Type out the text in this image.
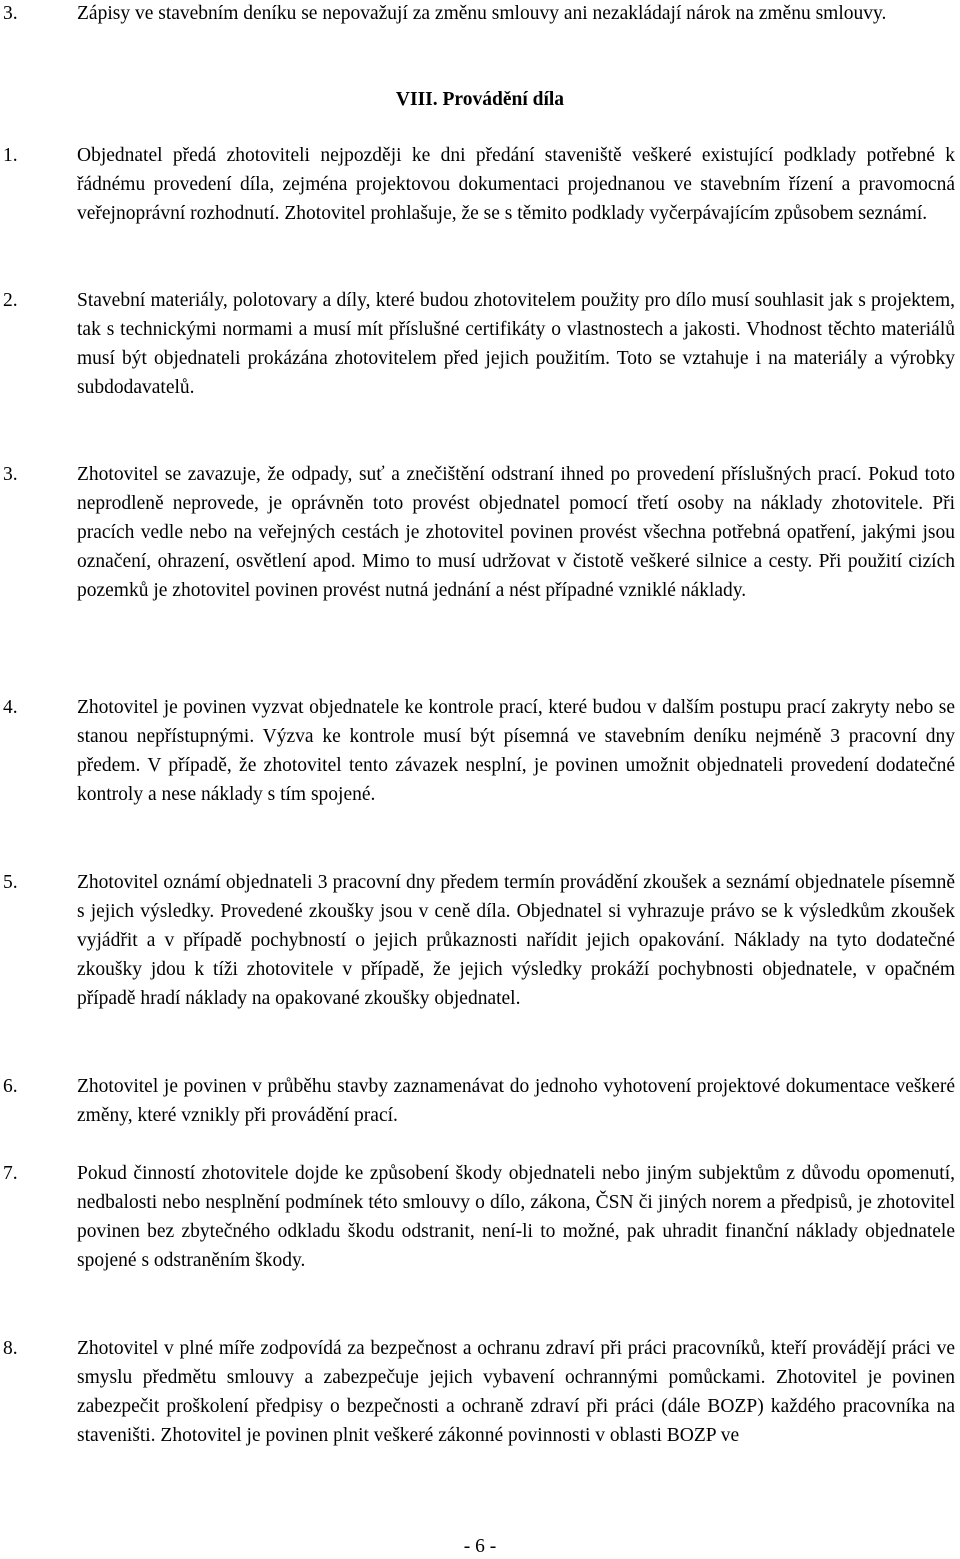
3.	Zápisy ve stavebním deníku se nepovažují za změnu smlouvy ani nezakládají nárok na změnu smlouvy.
VIII. Provádění díla
1.	Objednatel předá zhotoviteli nejpozději ke dni předání staveniště veškeré existující podklady potřebné k řádnému provedení díla, zejména projektovou dokumentaci projednanou ve stavebním řízení a pravomocná veřejnoprávní rozhodnutí. Zhotovitel prohlašuje, že se s těmito podklady vyčerpávajícím způsobem seznámí.
2.	Stavební materiály, polotovary a díly, které budou zhotovitelem použity pro dílo musí souhlasit jak s projektem, tak s technickými normami a musí mít příslušné certifikáty o vlastnostech a jakosti. Vhodnost těchto materiálů musí být objednateli prokázána zhotovitelem před jejich použitím. Toto se vztahuje i na materiály a výrobky subdodavatelů.
3.	Zhotovitel se zavazuje, že odpady, suť a znečištění odstraní ihned po provedení příslušných prací. Pokud toto neprodleně neprovede, je oprávněn toto provést objednatel pomocí třetí osoby na náklady zhotovitele. Při pracích vedle nebo na veřejných cestách je zhotovitel povinen provést všechna potřebná opatření, jakými jsou označení, ohrazení, osvětlení apod. Mimo to musí udržovat v čistotě veškeré silnice a cesty. Při použití cizích pozemků je zhotovitel povinen provést nutná jednání a nést případné vzniklé náklady.
4.	Zhotovitel je povinen vyzvat objednatele ke kontrole prací, které budou v dalším postupu prací zakryty nebo se stanou nepřístupnými. Výzva ke kontrole musí být písemná ve stavebním deníku nejméně 3 pracovní dny předem. V případě, že zhotovitel tento závazek nesplní, je povinen umožnit objednateli provedení dodatečné kontroly a nese náklady s tím spojené.
5.	Zhotovitel oznámí objednateli 3 pracovní dny předem termín provádění zkoušek a seznámí objednatele písemně s jejich výsledky. Provedené zkoušky jsou v ceně díla. Objednatel si vyhrazuje právo se k výsledkům zkoušek vyjádřit a v případě pochybností o jejich průkaznosti nařídit jejich opakování. Náklady na tyto dodatečné zkoušky jdou k tíži zhotovitele v případě, že jejich výsledky prokáží pochybnosti objednatele, v opačném případě hradí náklady na opakované zkoušky objednatel.
6.	Zhotovitel je povinen v průběhu stavby zaznamenávat do jednoho vyhotovení projektové dokumentace veškeré změny, které vznikly při provádění prací.
7.	Pokud činností zhotovitele dojde ke způsobení škody objednateli nebo jiným subjektům z důvodu opomenutí, nedbalosti nebo nesplnění podmínek této smlouvy o dílo, zákona, ČSN či jiných norem a předpisů, je zhotovitel povinen bez zbytečného odkladu škodu odstranit, není-li to možné, pak uhradit finanční náklady objednatele spojené s odstraněním škody.
8.	Zhotovitel v plné míře zodpovídá za bezpečnost a ochranu zdraví při práci pracovníků, kteří provádějí práci ve smyslu předmětu smlouvy a zabezpečuje jejich vybavení ochrannými pomůckami. Zhotovitel je povinen zabezpečit proškolení předpisy o bezpečnosti a ochraně zdraví při práci (dále BOZP) každého pracovníka na staveništi. Zhotovitel je povinen plnit veškeré zákonné povinnosti v oblasti BOZP ve
- 6 -
